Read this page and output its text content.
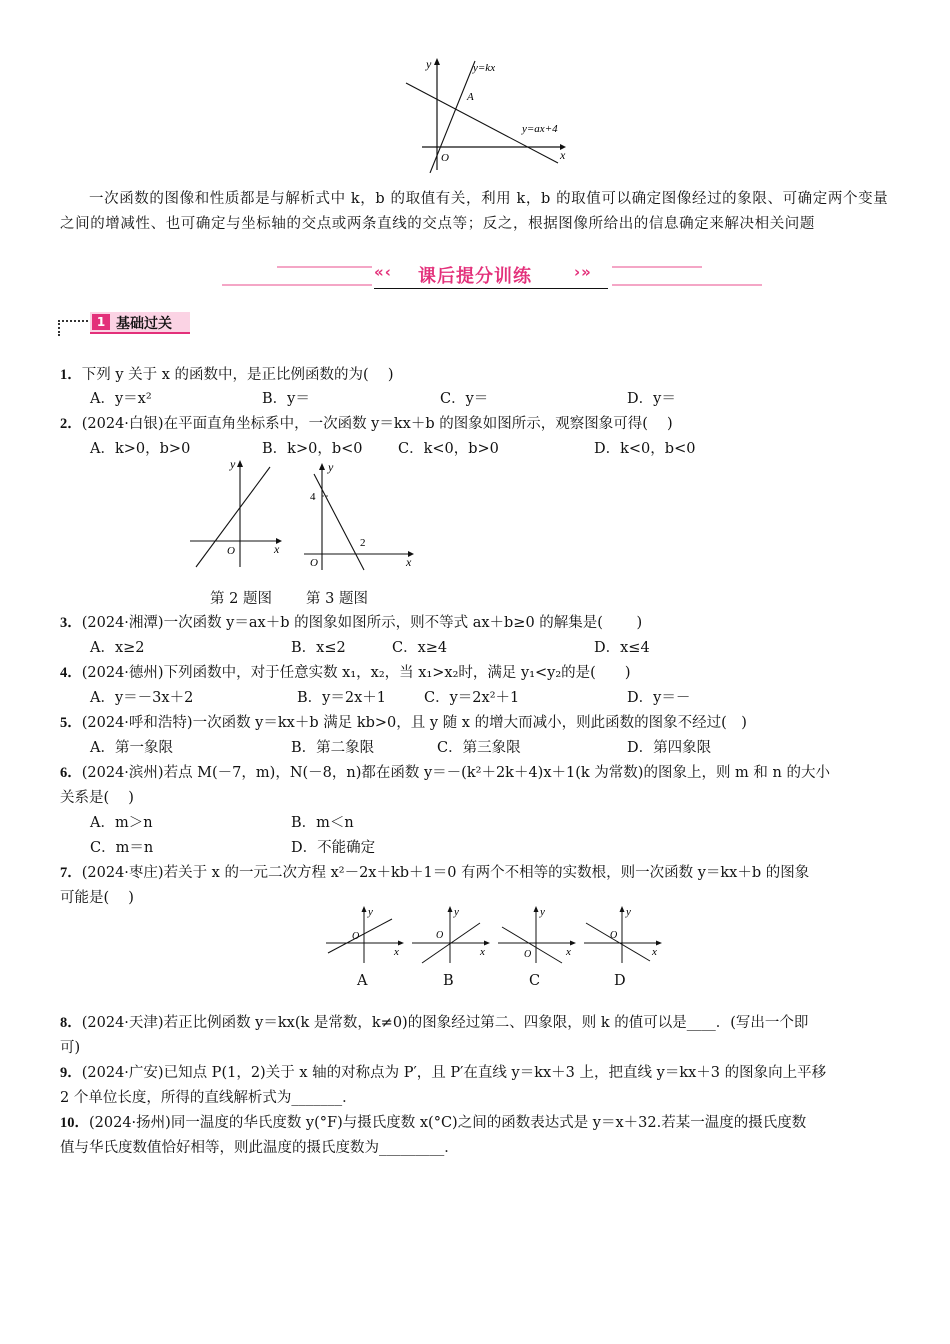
y	y=kx
A
y=ax+4
O	x
一次函数的图像和性质都是与解析式中 k，b 的取值有关，利用 k，b 的取值可以确定图像经过的象限、可确定两个变量之间的增减性、也可确定与坐标轴的交点或两条直线的交点等；反之，根据图像所给出的信息确定来解决相关问题
«‹ 课后提分训练	›»
1 基础过关
1．下列 y 关于 x 的函数中，是正比例函数的为(　 )
A．y＝x²	B．y＝	C．y＝	D．y＝
2．(2024·白银)在平面直角坐标系中，一次函数 y＝kx＋b 的图象如图所示，观察图象可得(　 )
A．k>0，b>0	B．k>0，b<0 C．k<0，b>0	D．k<0，b<0
y
O	x
y
4
2
O	x
第 2 题图 第 3 题图
3．(2024·湘潭)一次函数 y＝ax＋b 的图象如图所示，则不等式 ax＋b≥0 的解集是(　　 )
A．x≥2	B．x≤2	C．x≥4	D．x≤4
4．(2024·德州)下列函数中，对于任意实数 x₁，x₂，当 x₁>x₂时，满足 y₁<y₂的是(　　)
A．y＝－3x＋2	B．y＝2x＋1	C．y＝2x²＋1	D．y＝－
5．(2024·呼和浩特)一次函数 y＝kx＋b 满足 kb>0，且 y 随 x 的增大而减小，则此函数的图象不经过(　)
A．第一象限	B．第二象限	C．第三象限	D．第四象限
6．(2024·滨州)若点 M(－7，m)，N(－8，n)都在函数 y＝－(k²＋2k＋4)x＋1(k 为常数)的图象上，则 m 和 n 的大小
关系是(　 )
A．m＞n	B．m＜n
C．m＝n	D．不能确定
7．(2024·枣庄)若关于 x 的一元二次方程 x²－2x＋kb＋1＝0 有两个不相等的实数根，则一次函数 y＝kx＋b 的图象
可能是(　 )
y
x
O
y
x
O
y
x
O
y
x
O
A	B	C	D
8．(2024·天津)若正比例函数 y＝kx(k 是常数，k≠0)的图象经过第二、四象限，则 k 的值可以是____．(写出一个即
可)
9．(2024·广安)已知点 P(1，2)关于 x 轴的对称点为 P′，且 P′在直线 y＝kx＋3 上，把直线 y＝kx＋3 的图象向上平移
2 个单位长度，所得的直线解析式为_______．
10．(2024·扬州)同一温度的华氏度数 y(°F)与摄氏度数 x(°C)之间的函数表达式是 y＝x＋32.若某一温度的摄氏度数
值与华氏度数值恰好相等，则此温度的摄氏度数为_________．
